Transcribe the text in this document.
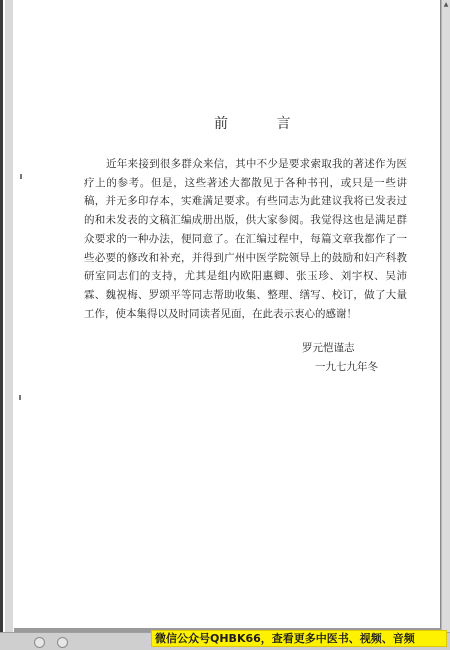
前 言

近年来接到很多群众来信，其中不少是要求索取我的著述作为医疗上的参考。但是，这些著述大都散见于各种书刊，或只是一些讲稿，并无多印存本，实难满足要求。有些同志为此建议我将已发表过的和未发表的文稿汇编成册出版，供大家参阅。我觉得这也是满足群众要求的一种办法，便同意了。在汇编过程中，每篇文章我都作了一些必要的修改和补充，并得到广州中医学院领导上的鼓励和妇产科教研室同志们的支持，尤其是组内欧阳惠卿、张玉珍、刘宇权、吴沛霖、魏祝梅、罗颂平等同志帮助收集、整理、缮写、校订，做了大量工作，使本集得以及时同读者见面，在此表示衷心的感谢！

罗元恺谨志
一九七九年冬
▲
微信公众号QHBK66，查看更多中医书、视频、音频
